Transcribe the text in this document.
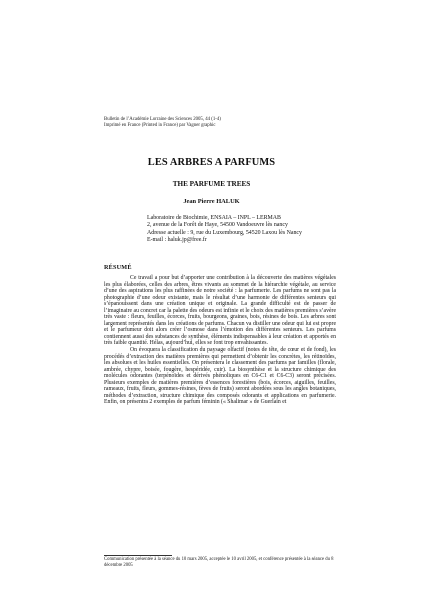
Bulletin de l’Académie Lorraine des Sciences 2005, 44 (1-4)
Imprimé en France (Printed in France) par Vagner graphic
LES ARBRES A PARFUMS
THE PARFUME TREES
Jean Pierre HALUK
Laboratoire de Biochimie, ENSAIA – INPL – LERMAB
2, avenue de la Forêt de Haye, 54500 Vandoeuvre lès nancy
Adresse actuelle : 9, rue du Luxembourg, 54520 Laxou lès Nancy
E-mail : haluk.jp@free.fr
RÉSUMÉ

Ce travail a pour but d’apporter une contribution à la découverte des matières végétales les plus élaborées, celles des arbres, êtres vivants au sommet de la hiérarchie végétale, au service d’une des aspirations les plus raffinées de notre société : la parfumerie. Les parfums ne sont pas la photographie d’une odeur existante, mais le résultat d’une harmonie de différentes senteurs qui s’épanouissent dans une création unique et originale. La grande difficulté est de passer de l’imaginaire au concret car la palette des odeurs est infinie et le choix des matières premières s’avère très vaste : fleurs, feuilles, écorces, fruits, bourgeons, graines, bois, résines de bois. Les arbres sont largement représentés dans les créations de parfums. Chacun va distiller une odeur qui lui est propre et le parfumeur doit alors créer l’osmose dans l’émotion des différentes senteurs. Les parfums contiennent aussi des substances de synthèse, éléments indispensables à leur création et apportés en très faible quantité. Hélas, aujourd’hui, elles se font trop envahissantes.

On évoquera la classification du paysage olfactif (notes de tête, de cœur et de fond), les procédés d’extraction des matières premières qui permettent d’obtenir les concrètes, les rétinoïdes, les absolues et les huiles essentielles. On présentera le classement des parfums par familles (florale, ambrée, chypre, boisée, fougère, hespéridée, cuir). La biosynthèse et la structure chimique des molécules odorantes (terpénoïdes et dérivés phénoliques en C6-C1 et C6-C3) seront précisées. Plusieurs exemples de matières premières d’essences forestières (bois, écorces, aiguilles, feuilles, rameaux, fruits, fleurs, gommes-résines, fèves de fruits) seront abordées sous les angles botaniques, méthodes d’extraction, structure chimique des composés odorants et applications en parfumerie. Enfin, on présentra 2 exemples de parfum féminin (« Shalimar » de Guerlain et

Communication présentée à la séance du 10 mars 2005, acceptée le 10 avril 2005, et conférence présentée à la séance du 8 décembre 2005
